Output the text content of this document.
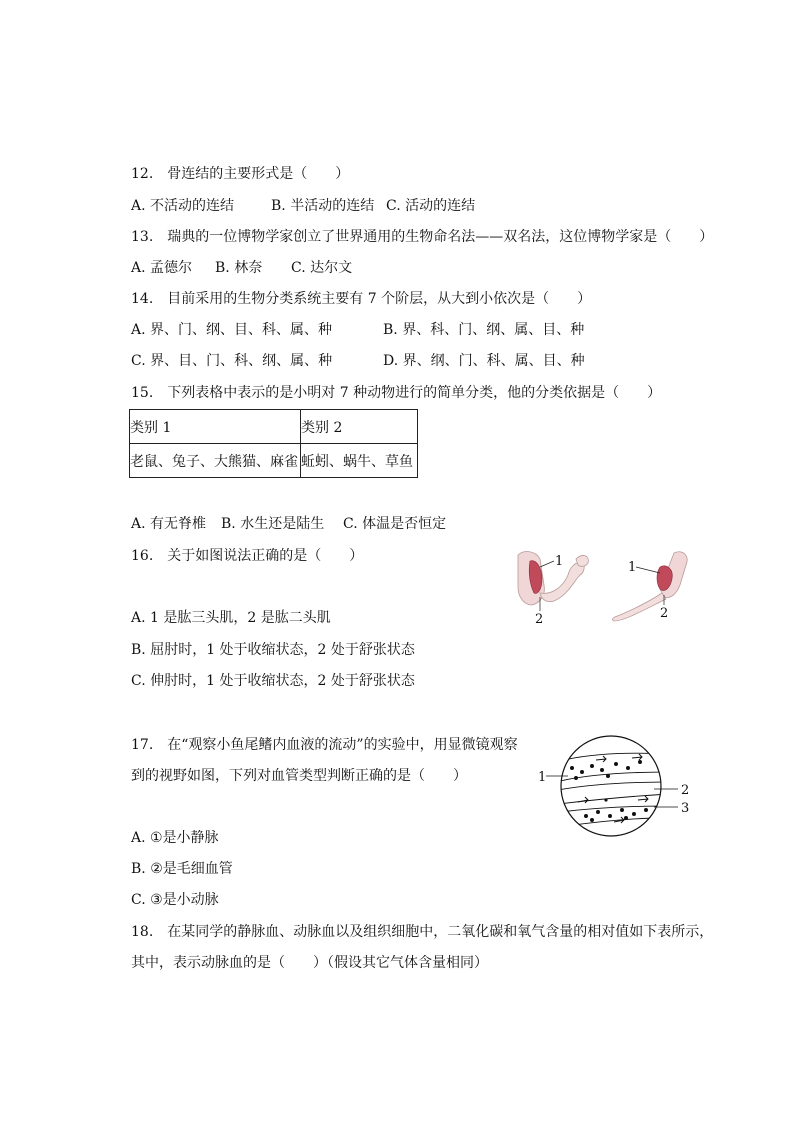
12.　骨连结的主要形式是（　　）
A. 不活动的连结	B. 半活动的连结 C. 活动的连结
13.　瑞典的一位博物学家创立了世界通用的生物命名法——双名法，这位博物学家是（　　）
A. 孟德尔 B. 林奈 C. 达尔文
14.　目前采用的生物分类系统主要有 7 个阶层，从大到小依次是（　　）
A. 界、门、纲、目、科、属、种	B. 界、科、门、纲、属、目、种
C. 界、目、门、科、纲、属、种	D. 界、纲、门、科、属、目、种
15.　下列表格中表示的是小明对 7 种动物进行的简单分类，他的分类依据是（　　）
类别 1	类别 2
老鼠、兔子、大熊猫、麻雀	蚯蚓、蜗牛、草鱼
A. 有无脊椎 B. 水生还是陆生 C. 体温是否恒定
16.　关于如图说法正确的是（　　）
A. 1 是肱三头肌，2 是肱二头肌
B. 屈肘时，1 处于收缩状态，2 处于舒张状态
C. 伸肘时，1 处于收缩状态，2 处于舒张状态
1
2
1
2
17.　在“观察小鱼尾鳍内血液的流动”的实验中，用显微镜观察
到的视野如图，下列对血管类型判断正确的是（　　）
A. ①是小静脉
B. ②是毛细血管
C. ③是小动脉
1
2
3
18.　在某同学的静脉血、动脉血以及组织细胞中，二氧化碳和氧气含量的相对值如下表所示，
其中，表示动脉血的是（　　）（假设其它气体含量相同）
